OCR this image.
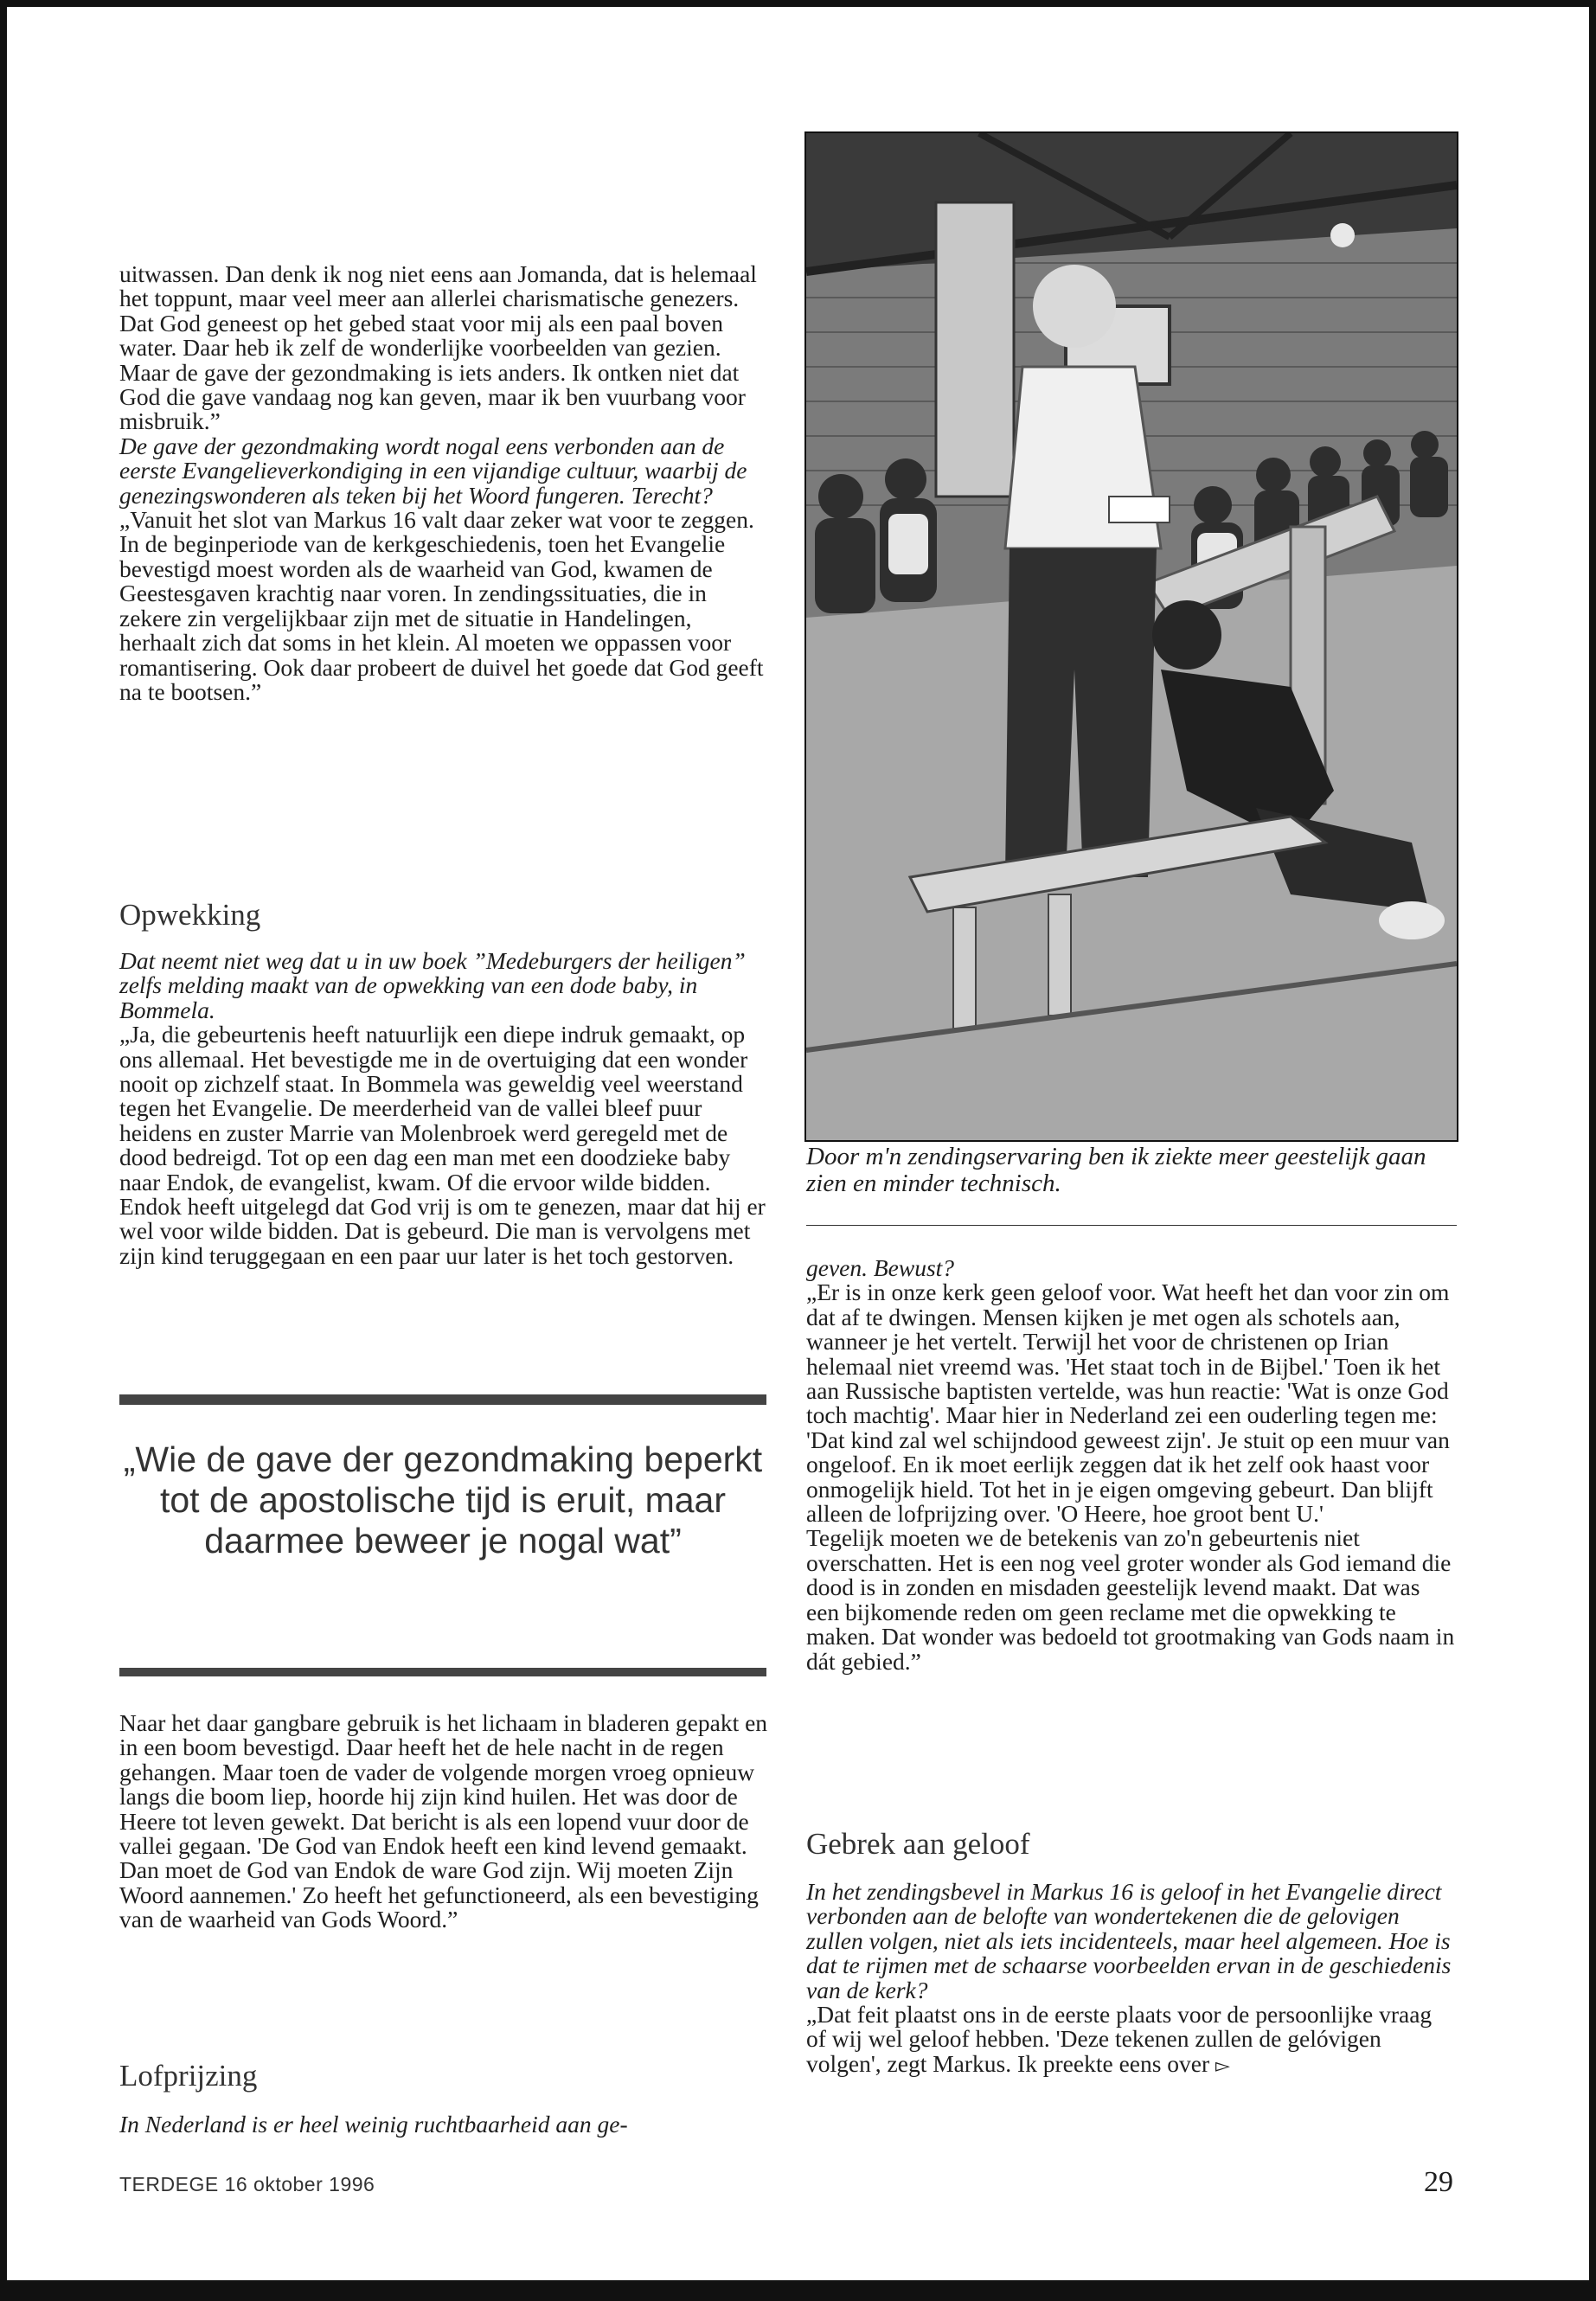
uitwassen. Dan denk ik nog niet eens aan Jomanda, dat is helemaal het toppunt, maar veel meer aan allerlei charismatische genezers. Dat God geneest op het gebed staat voor mij als een paal boven water. Daar heb ik zelf de wonderlijke voorbeelden van gezien. Maar de gave der gezondmaking is iets anders. Ik ontken niet dat God die gave vandaag nog kan geven, maar ik ben vuurbang voor misbruik.”

De gave der gezondmaking wordt nogal eens verbonden aan de eerste Evangelieverkondiging in een vijandige cultuur, waarbij de genezingswonderen als teken bij het Woord fungeren. Terecht?

„Vanuit het slot van Markus 16 valt daar zeker wat voor te zeggen. In de beginperiode van de kerkgeschiedenis, toen het Evangelie bevestigd moest worden als de waarheid van God, kwamen de Geestesgaven krachtig naar voren. In zendingssituaties, die in zekere zin vergelijkbaar zijn met de situatie in Handelingen, herhaalt zich dat soms in het klein. Al moeten we oppassen voor romantisering. Ook daar probeert de duivel het goede dat God geeft na te bootsen.”

Opwekking

Dat neemt niet weg dat u in uw boek ”Medeburgers der heiligen” zelfs melding maakt van de opwekking van een dode baby, in Bommela.

„Ja, die gebeurtenis heeft natuurlijk een diepe indruk gemaakt, op ons allemaal. Het bevestigde me in de overtuiging dat een wonder nooit op zichzelf staat. In Bommela was geweldig veel weerstand tegen het Evangelie. De meerderheid van de vallei bleef puur heidens en zuster Marrie van Molenbroek werd geregeld met de dood bedreigd. Tot op een dag een man met een doodzieke baby naar Endok, de evangelist, kwam. Of die ervoor wilde bidden. Endok heeft uitgelegd dat God vrij is om te genezen, maar dat hij er wel voor wilde bidden. Dat is gebeurd. Die man is vervolgens met zijn kind teruggegaan en een paar uur later is het toch gestorven.

„Wie de gave der gezondmaking beperkt tot de apostolische tijd is eruit, maar daarmee beweer je nogal wat”

Naar het daar gangbare gebruik is het lichaam in bladeren gepakt en in een boom bevestigd. Daar heeft het de hele nacht in de regen gehangen. Maar toen de vader de volgende morgen vroeg opnieuw langs die boom liep, hoorde hij zijn kind huilen. Het was door de Heere tot leven gewekt. Dat bericht is als een lopend vuur door de vallei gegaan. 'De God van Endok heeft een kind levend gemaakt. Dan moet de God van Endok de ware God zijn. Wij moeten Zijn Woord aannemen.' Zo heeft het gefunctioneerd, als een bevestiging van de waarheid van Gods Woord.”

Lofprijzing

In Nederland is er heel weinig ruchtbaarheid aan ge-

Door m'n zendingservaring ben ik ziekte meer geestelijk gaan zien en minder technisch.

geven. Bewust?

„Er is in onze kerk geen geloof voor. Wat heeft het dan voor zin om dat af te dwingen. Mensen kijken je met ogen als schotels aan, wanneer je het vertelt. Terwijl het voor de christenen op Irian helemaal niet vreemd was. 'Het staat toch in de Bijbel.' Toen ik het aan Russische baptisten vertelde, was hun reactie: 'Wat is onze God toch machtig'. Maar hier in Nederland zei een ouderling tegen me: 'Dat kind zal wel schijndood geweest zijn'. Je stuit op een muur van ongeloof. En ik moet eerlijk zeggen dat ik het zelf ook haast voor onmogelijk hield. Tot het in je eigen omgeving gebeurt. Dan blijft alleen de lofprijzing over. 'O Heere, hoe groot bent U.'

Tegelijk moeten we de betekenis van zo'n gebeurtenis niet overschatten. Het is een nog veel groter wonder als God iemand die dood is in zonden en misdaden geestelijk levend maakt. Dat was een bijkomende reden om geen reclame met die opwekking te maken. Dat wonder was bedoeld tot grootmaking van Gods naam in dát gebied.”

Gebrek aan geloof

In het zendingsbevel in Markus 16 is geloof in het Evangelie direct verbonden aan de belofte van wondertekenen die de gelovigen zullen volgen, niet als iets incidenteels, maar heel algemeen. Hoe is dat te rijmen met de schaarse voorbeelden ervan in de geschiedenis van de kerk?

„Dat feit plaatst ons in de eerste plaats voor de persoonlijke vraag of wij wel geloof hebben. 'Deze tekenen zullen de gelóvigen volgen', zegt Markus. Ik preekte eens over ▻

TERDEGE 16 oktober 1996	29
